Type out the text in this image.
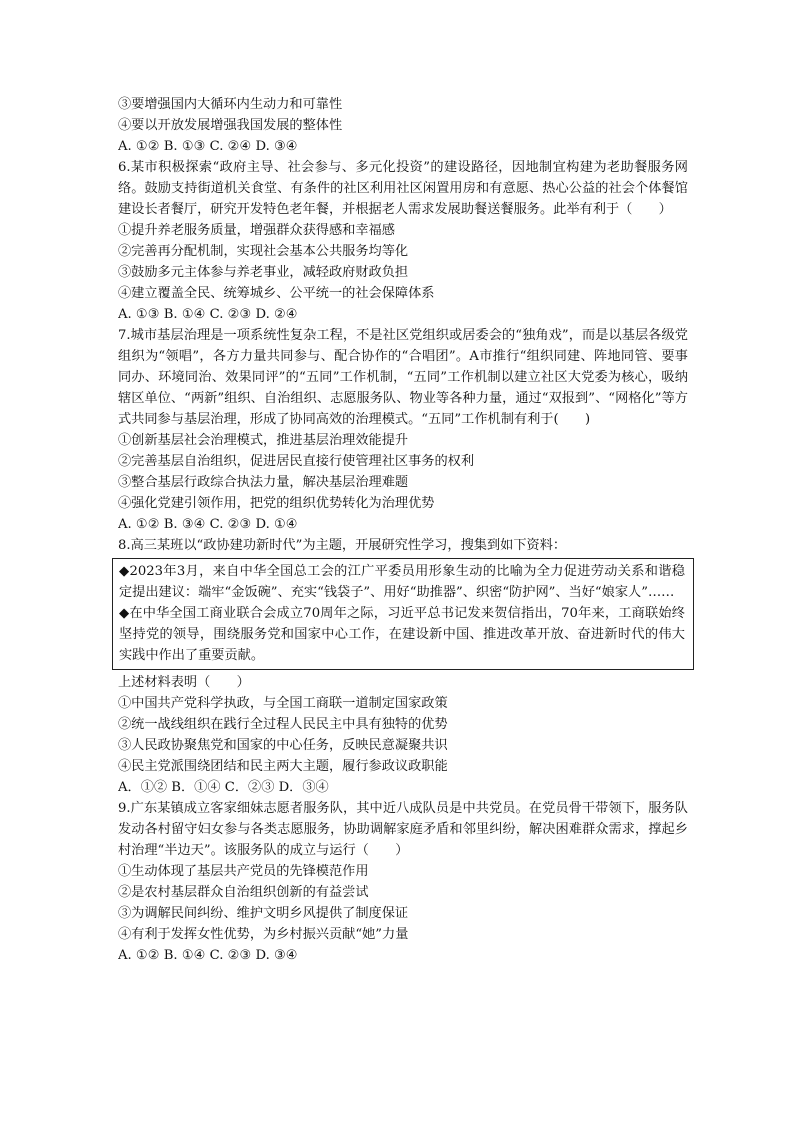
③要增强国内大循环内生动力和可靠性
④要以开放发展增强我国发展的整体性
A. ①② B. ①③ C. ②④ D. ③④
6.某市积极探索“政府主导、社会参与、多元化投资”的建设路径，因地制宜构建为老助餐服务网络。鼓励支持街道机关食堂、有条件的社区利用社区闲置用房和有意愿、热心公益的社会个体餐馆建设长者餐厅，研究开发特色老年餐，并根据老人需求发展助餐送餐服务。此举有利于（　　）
①提升养老服务质量，增强群众获得感和幸福感
②完善再分配机制，实现社会基本公共服务均等化
③鼓励多元主体参与养老事业，减轻政府财政负担
④建立覆盖全民、统筹城乡、公平统一的社会保障体系
A. ①③ B. ①④ C. ②③ D. ②④
7.城市基层治理是一项系统性复杂工程，不是社区党组织或居委会的“独角戏”，而是以基层各级党组织为“领唱”，各方力量共同参与、配合协作的“合唱团”。A市推行“组织同建、阵地同管、要事同办、环境同治、效果同评”的“五同”工作机制，“五同”工作机制以建立社区大党委为核心，吸纳辖区单位、“两新”组织、自治组织、志愿服务队、物业等各种力量，通过“双报到”、“网格化”等方式共同参与基层治理，形成了协同高效的治理模式。“五同”工作机制有利于(　　)
①创新基层社会治理模式，推进基层治理效能提升
②完善基层自治组织，促进居民直接行使管理社区事务的权利
③整合基层行政综合执法力量，解决基层治理难题
④强化党建引领作用，把党的组织优势转化为治理优势
A. ①② B. ③④ C. ②③ D. ①④
8.高三某班以“政协建功新时代”为主题，开展研究性学习，搜集到如下资料：
◆2023年3月，来自中华全国总工会的江广平委员用形象生动的比喻为全力促进劳动关系和谐稳定提出建议：端牢“金饭碗”、充实“钱袋子”、用好“助推器”、织密“防护网”、当好“娘家人”……
◆在中华全国工商业联合会成立70周年之际，习近平总书记发来贺信指出，70年来，工商联始终坚持党的领导，围绕服务党和国家中心工作，在建设新中国、推进改革开放、奋进新时代的伟大实践中作出了重要贡献。
上述材料表明（　　）
①中国共产党科学执政，与全国工商联一道制定国家政策
②统一战线组织在践行全过程人民民主中具有独特的优势
③人民政协聚焦党和国家的中心任务，反映民意凝聚共识
④民主党派围绕团结和民主两大主题，履行参政议政职能
A．①② B．①④ C．②③ D．③④
9.广东某镇成立客家细妹志愿者服务队，其中近八成队员是中共党员。在党员骨干带领下，服务队发动各村留守妇女参与各类志愿服务，协助调解家庭矛盾和邻里纠纷，解决困难群众需求，撑起乡村治理“半边天”。该服务队的成立与运行（　　）
①生动体现了基层共产党员的先锋模范作用
②是农村基层群众自治组织创新的有益尝试
③为调解民间纠纷、维护文明乡风提供了制度保证
④有利于发挥女性优势，为乡村振兴贡献“她”力量
A. ①② B. ①④ C. ②③ D. ③④
